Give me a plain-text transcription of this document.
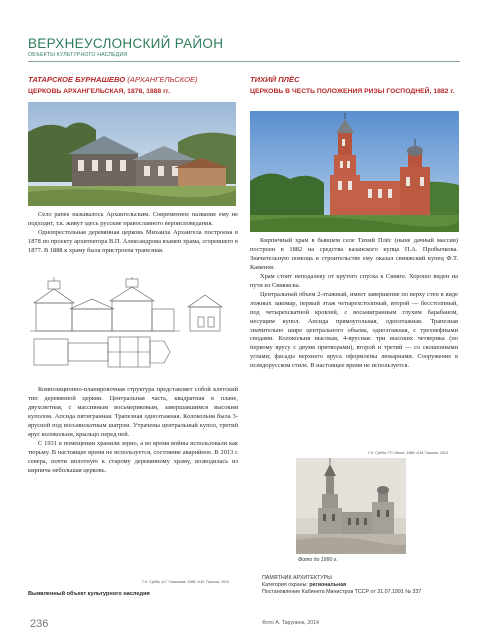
ВЕРХНЕУСЛОНСКИЙ РАЙОН
ОБЪЕКТЫ КУЛЬТУРНОГО НАСЛЕДИЯ
ТАТАРСКОЕ БУРНАШЕВО (АРХАНГЕЛЬСКОЕ)
ЦЕРКОВЬ АРХАНГЕЛЬСКАЯ, 1878, 1888 гг.

Село ранее называлось Архангельским. Современное название ему не подходит, т.к. живут здесь русские православного вероисповедания.

Однопрестольная деревянная церковь Михаила Архангела построена в 1878 по проекту архитектора В.П. Александрова взамен храма, сгоревшего в 1877. В 1888 к храму была пристроена трапезная.

Композиционно-планировочная структура представляет собой клетский тип деревянной церкви. Центральная часть, квадратная в плане, двухсветная, с массивным восьмериковым, завершавшимся высоким куполом. Апсида пятигранная. Трапезная одноэтажная. Колокольня была 3-ярусной под восьмискатным шатром. Утрачены центральный купол, третий ярус колокольни, крыльцо перед ней.

С 1931 в помещении хранили зерно, а во время войны использовали как тюрьму. В настоящее время не используется, состояние аварийное. В 2013 с севера, почти вплотную к старому деревянному храму, возводилась из кирпича небольшая церковь.

Г.Н. Судба, А.Г. Самонова, 1986; А.М. Ташина, 2014
Выявленный объект культурного наследия
ТИХИЙ ПЛЁС
ЦЕРКОВЬ В ЧЕСТЬ ПОЛОЖЕНИЯ РИЗЫ ГОСПОДНЕЙ, 1882 г.

Кирпичный храм в бывшем селе Тихий Плёс (ныне дачный массив) построен в 1882 на средства казанского купца П.А. Пробычкова. Значительную помощь в строительстве ему оказал свияжский купец Ф.Т. Каменев.

Храм стоит неподалеку от крутого спуска к Свияге. Хорошо виден на пути из Свияжска.

Центральный объем 2-этажный, имеет завершение по верху стен в виде ложных закомар, первый этаж четырехстолпный, второй — бесстолпный, под четырехскатной кровлей, с восьмигранным глухим барабаном, несущим купол. Апсида прямоугольная, одноэтажная. Трапезная значительно шире центрального объема, одноэтажная, с трехнефными сводами. Колокольня высокая, 4-ярусная: три высоких четверика (по первому ярусу с двумя притворами), второй и третий — со скошенными углами; фасады верхнего яруса оформлены люкарнами. Сооружение в псевдорусском стиле. В настоящее время не используется.

Г.Н. Судба, Г.Р. Лапин, 1986; А.М. Ташина, 2014
Фото до 1990 г.
ПАМЯТНИК АРХИТЕКТУРЫ
Категория охраны: региональная
Постановление Кабинета Министров ТССР от 31.07.1991 № 337
236	Фото А. Тарунина, 2014
